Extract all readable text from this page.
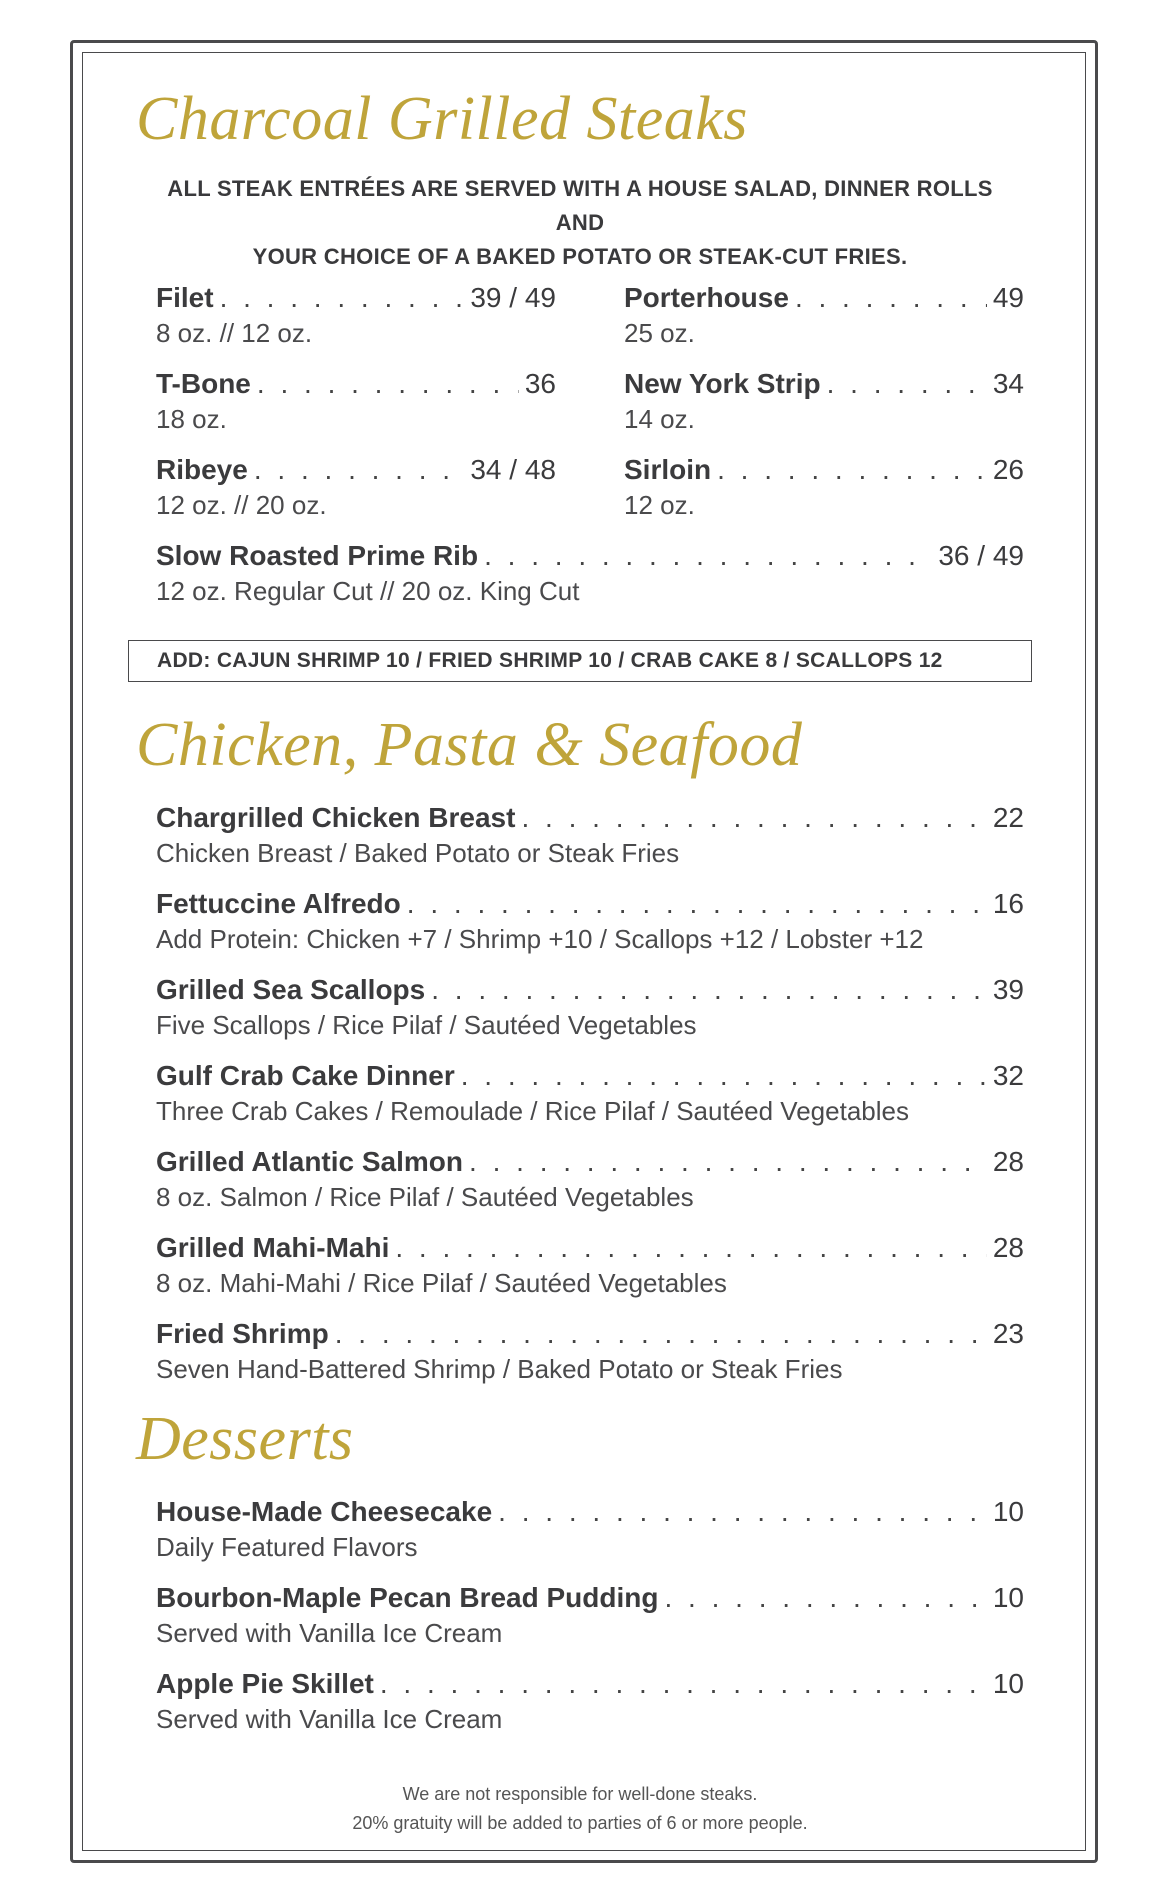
Charcoal Grilled Steaks

ALL STEAK ENTRÉES ARE SERVED WITH A HOUSE SALAD, DINNER ROLLS AND
YOUR CHOICE OF A BAKED POTATO OR STEAK-CUT FRIES.

Filet . . .	39 / 49
8 oz. // 12 oz.
Porterhouse . . .	49
25 oz.
T-Bone . . .	36
18 oz.
New York Strip . . .	34
14 oz.
Ribeye . . .	34 / 48
12 oz. // 20 oz.
Sirloin . . .	26
12 oz.
Slow Roasted Prime Rib . . .	36 / 49
12 oz. Regular Cut // 20 oz. King Cut
ADD: CAJUN SHRIMP 10 / FRIED SHRIMP 10 / CRAB CAKE 8 / SCALLOPS 12
Chicken, Pasta & Seafood
Chargrilled Chicken Breast . . .	22
Chicken Breast / Baked Potato or Steak Fries
Fettuccine Alfredo . . .	16
Add Protein: Chicken +7 / Shrimp +10 / Scallops +12 / Lobster +12
Grilled Sea Scallops . . .	39
Five Scallops / Rice Pilaf / Sautéed Vegetables
Gulf Crab Cake Dinner . . .	32
Three Crab Cakes / Remoulade / Rice Pilaf / Sautéed Vegetables
Grilled Atlantic Salmon . . .	28
8 oz. Salmon / Rice Pilaf / Sautéed Vegetables
Grilled Mahi-Mahi . . .	28
8 oz. Mahi-Mahi / Rice Pilaf / Sautéed Vegetables
Fried Shrimp . . .	23
Seven Hand-Battered Shrimp / Baked Potato or Steak Fries
Desserts
House-Made Cheesecake . . .	10
Daily Featured Flavors
Bourbon-Maple Pecan Bread Pudding . . .	10
Served with Vanilla Ice Cream
Apple Pie Skillet . . .	10
Served with Vanilla Ice Cream

We are not responsible for well-done steaks.
20% gratuity will be added to parties of 6 or more people.
